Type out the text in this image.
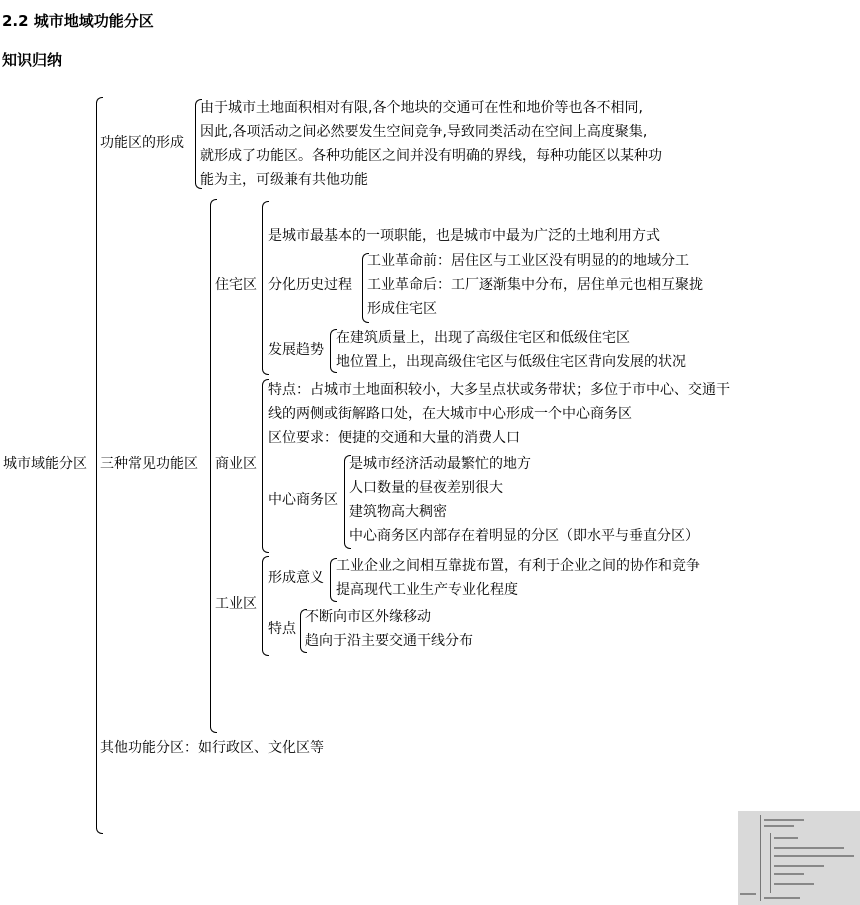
2.2 城市地域功能分区
知识归纳
城市域能分区
功能区的形成
由于城市土地面积相对有限,各个地块的交通可在性和地价等也各不相同,
因此,各项活动之间必然要发生空间竞争,导致同类活动在空间上高度聚集,
就形成了功能区。各种功能区之间并没有明确的界线，每种功能区以某种功
能为主，可级兼有共他功能
三种常见功能区
住宅区
是城市最基本的一项职能，也是城市中最为广泛的土地利用方式
分化历史过程
工业革命前：居住区与工业区没有明显的的地域分工
工业革命后：工厂逐渐集中分布，居住单元也相互聚拢
形成住宅区
发展趋势
在建筑质量上，出现了高级住宅区和低级住宅区
地位置上，出现高级住宅区与低级住宅区背向发展的状况
商业区
特点：占城市土地面积较小，大多呈点状或务带状；多位于市中心、交通干
线的两侧或街解路口处，在大城市中心形成一个中心商务区
区位要求：便捷的交通和大量的消费人口
中心商务区
是城市经济活动最繁忙的地方
人口数量的昼夜差别很大
建筑物高大稠密
中心商务区内部存在着明显的分区（即水平与垂直分区）
工业区
形成意义
工业企业之间相互靠拢布置，有利于企业之间的协作和竞争
提高现代工业生产专业化程度
特点
不断向市区外缘移动
趋向于沿主要交通干线分布
其他功能分区：如行政区、文化区等
